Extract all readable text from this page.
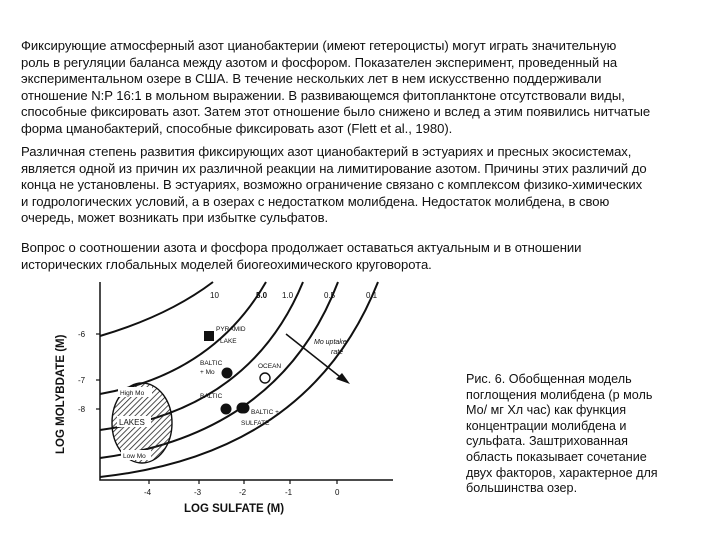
Фиксирующие атмосферный азот цианобактерии (имеют гетероцисты) могут играть значительную
роль в регуляции баланса между азотом и фосфором. Показателен эксперимент, проведенный на
экспериментальном озере в США. В течение нескольких лет в нем искусственно поддерживали
отношение N:P 16:1 в мольном выражении. В развивающемся фитопланктоне отсутствовали виды,
способные фиксировать азот. Затем этот отношение было снижено и вслед а этим появились нитчатые
форма цманобактерий, способные фиксировать азот (Flett et al., 1980).
Различная степень развития фиксирующих азот цианобактерий в эстуариях и пресных экосистемах,
является одной из причин их различной реакции на лимитирование азотом. Причины этих различий до
конца не установлены. В эстуариях, возможно ограничение связано с комплексом физико-химических
и годрологических условий, а в озерах с недостатком молибдена. Недостаток молибдена, в свою
очередь, может возникать при избытке сульфатов.
Вопрос о соотношении азота и фосфора продолжает оставаться актуальным и в отношении
исторических глобальных моделей биогеохимического круговорота.
-6
-7
-8
-4	-3	-2	-1	0
LOG SULFATE (M)
LOG MOLYBDATE (M)
10	5.0 1.0	0.5	0.1
High Mo
LAKES
Low Mo
PYRAMID
LAKE
BALTIC
+ Mo
OCEAN
BALTIC
BALTIC +
SULFATE
Mo uptake
rate
Рис. 6. Обобщенная модель
поглощения молибдена (р моль
Мо/ мг Хл час) как функция
концентрации молибдена и
сульфата. Заштрихованная
область показывает сочетание
двух факторов, характерное для
большинства озер.
